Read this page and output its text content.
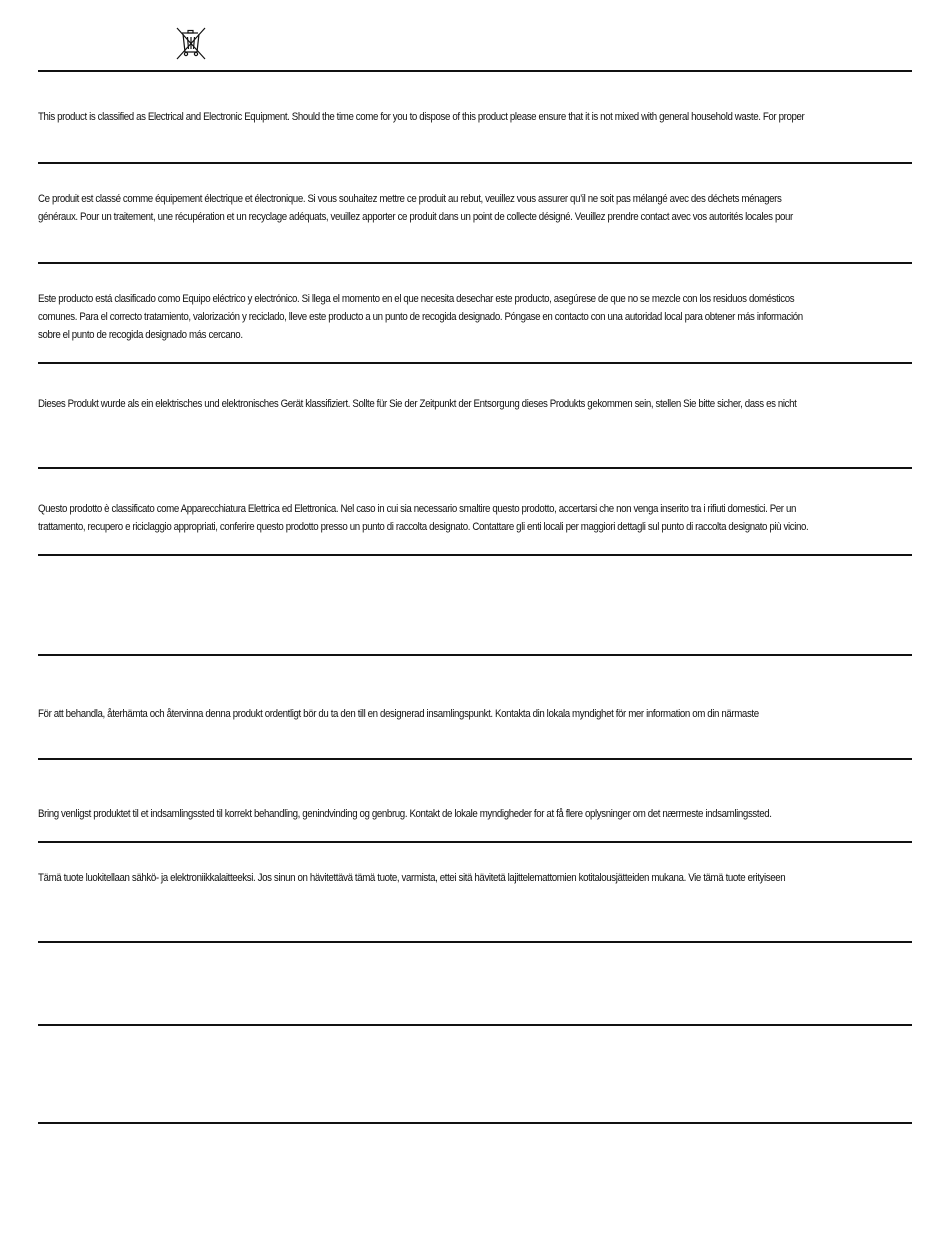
This product is classified as Electrical and Electronic Equipment. Should the time come for you to dispose of this product please ensure that it is not mixed with general household waste. For proper
Ce produit est classé comme équipement électrique et électronique. Si vous souhaitez mettre ce produit au rebut, veuillez vous assurer qu’il ne soit pas mélangé avec des déchets ménagers
généraux. Pour un traitement, une récupération et un recyclage adéquats, veuillez apporter ce produit dans un point de collecte désigné. Veuillez prendre contact avec vos autorités locales pour
Este producto está clasificado como Equipo eléctrico y electrónico. Si llega el momento en el que necesita desechar este producto, asegúrese de que no se mezcle con los residuos domésticos
comunes. Para el correcto tratamiento, valorización y reciclado, lleve este producto a un punto de recogida designado. Póngase en contacto con una autoridad local para obtener más información
sobre el punto de recogida designado más cercano.
Dieses Produkt wurde als ein elektrisches und elektronisches Gerät klassifiziert. Sollte für Sie der Zeitpunkt der Entsorgung dieses Produkts gekommen sein, stellen Sie bitte sicher, dass es nicht
Questo prodotto è classificato come Apparecchiatura Elettrica ed Elettronica. Nel caso in cui sia necessario smaltire questo prodotto, accertarsi che non venga inserito tra i rifiuti domestici. Per un
trattamento, recupero e riciclaggio appropriati, conferire questo prodotto presso un punto di raccolta designato. Contattare gli enti locali per maggiori dettagli sul punto di raccolta designato più vicino.
För att behandla, återhämta och återvinna denna produkt ordentligt bör du ta den till en designerad insamlingspunkt. Kontakta din lokala myndighet för mer information om din närmaste
Bring venligst produktet til et indsamlingssted til korrekt behandling, genindvinding og genbrug. Kontakt de lokale myndigheder for at få flere oplysninger om det nærmeste indsamlingssted.
Tämä tuote luokitellaan sähkö- ja elektroniikkalaitteeksi. Jos sinun on hävitettävä tämä tuote, varmista, ettei sitä hävitetä lajittelemattomien kotitalousjätteiden mukana. Vie tämä tuote erityiseen
